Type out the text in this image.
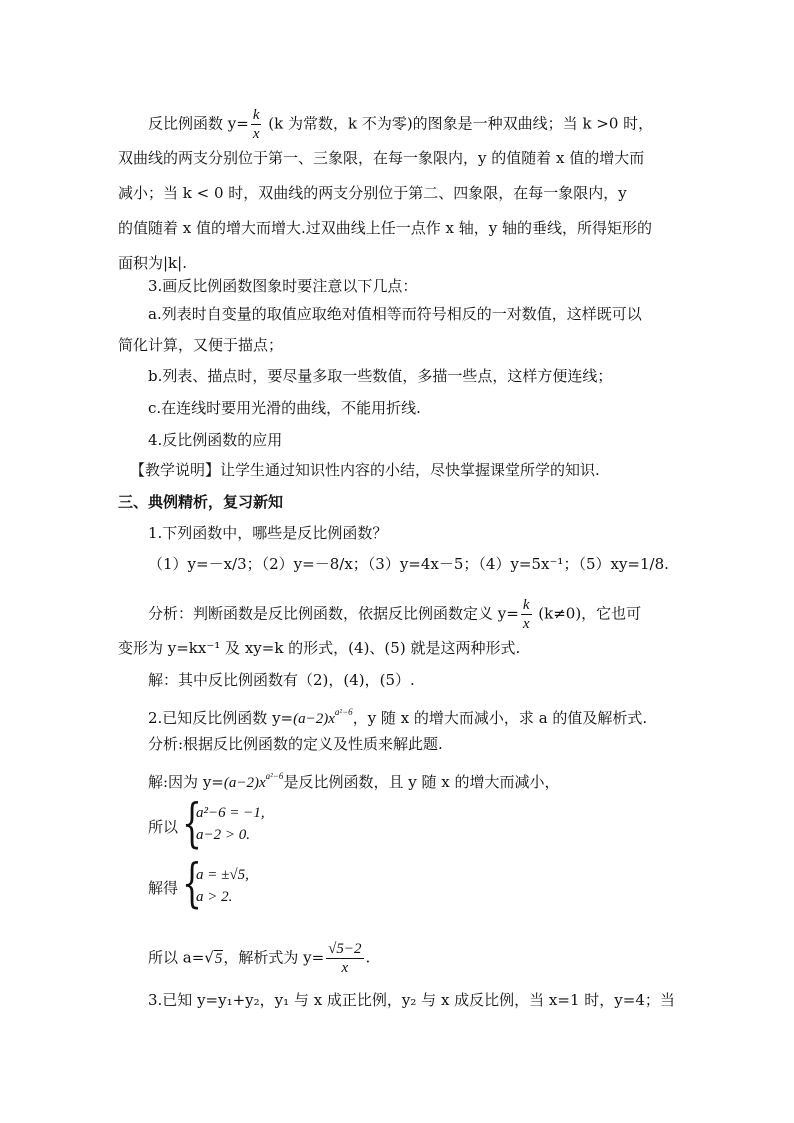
反比例函数 $y= \frac{k}{x} (k$ 为常数，k 不为零)的图象是一种双曲线；当 k >0 时，
双曲线的两支分别位于第一、三象限，在每一象限内，y 的值随着 x 值的增大而
减小；当 k < 0 时，双曲线的两支分别位于第二、四象限，在每一象限内，y
的值随着 x 值的增大而增大.过双曲线上任一点作 x 轴，y 轴的垂线，所得矩形的
面积为|k|.
3.画反比例函数图象时要注意以下几点：
a.列表时自变量的取值应取绝对值相等而符号相反的一对数值，这样既可以
简化计算，又便于描点；
b.列表、描点时，要尽量多取一些数值，多描一些点，这样方便连线；
c.在连线时要用光滑的曲线，不能用折线.
4.反比例函数的应用
【教学说明】让学生通过知识性内容的小结，尽快掌握课堂所学的知识.
三、典例精析，复习新知
1.下列函数中，哪些是反比例函数？
（1）y=－x/3；（2）y=－8/x；（3）y=4x－5；（4）y=5x⁻¹；（5）xy=1/8.
分析：判断函数是反比例函数，依据反比例函数定义 $y= \frac{k}{x} (k\ne 0)$，它也可
变形为 y=kx⁻¹ 及 xy=k 的形式，(4)、(5) 就是这两种形式.
解：其中反比例函数有（2)，(4)，(5）.
2.已知反比例函数 $y=(a-2)x^{a^2-6}$，y 随 x 的增大而减小，求 a 的值及解析式.
分析:根据反比例函数的定义及性质来解此题.
解:因为 $y=(a-2)x^{a^2-6}$是反比例函数，且 y 随 x 的增大而减小，
所以 {
a²−6 = −1,
a−2 > 0.
解得 {
a = ±√5,
a > 2.
所以 a=√5，解析式为 $y= \frac{√5-2}{x}$ .
3.已知 y=y₁+y₂，y₁ 与 x 成正比例，y₂ 与 x 成反比例，当 x=1 时，y=4；当
